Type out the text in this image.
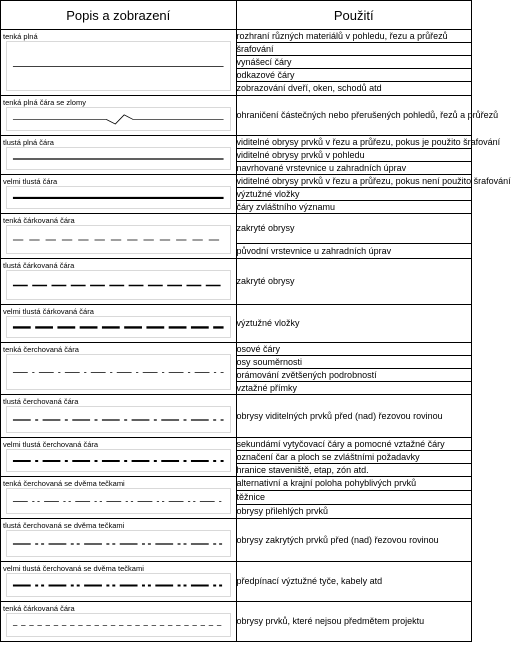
Popis a zobrazení	Použití

tenká plná	rozhraní různých materiálů v pohledu, řezu a průřezů
	šrafování
	vynášecí čáry
	odkazové čáry
	zobrazování dveří, oken, schodů atd

tenká plná čára se zlomy	ohraničení částečných nebo přerušených pohledů, řezů a průřezů

tlustá plná čára	viditelné obrysy prvků v řezu a průřezu, pokus je použito šrafování
	viditelné obrysy prvků v pohledu
	navrhované vrstevnice u zahradních úprav

velmi tlustá čára	viditelné obrysy prvků v řezu a průřezu, pokus není použito šrafování
	výztužné vložky
	čáry zvláštního významu

tenká čárkovaná čára	zakryté obrysy
	původní vrstevnice u zahradních úprav

tlustá čárkovaná čára	zakryté obrysy

velmi tlustá čárkovaná čára	výztužné vložky

tenká čerchovaná čára	osové čáry
	osy souměrnosti
	orámování zvětšených podrobností
	vztažné přímky

tlustá čerchovaná čára	obrysy viditelných prvků před (nad) řezovou rovinou

velmi tlustá čerchovaná čára	sekundámí vytyčovací čáry a pomocné vztažné čáry
	označení čar a ploch se zvláštními požadavky
	hranice staveniště, etap, zón atd.

tenká čerchovaná se dvěma tečkami	alternativní a krajní poloha pohyblivých prvků
	těžnice
	obrysy přilehlých prvků

tlustá čerchovaná se dvěma tečkami	obrysy zakrytých prvků před (nad) řezovou rovinou

velmi tlustá čerchovaná se dvěma tečkami	předpínací výztužné tyče, kabely atd

tenká čárkovaná čára	obrysy prvků, které nejsou předmětem projektu
